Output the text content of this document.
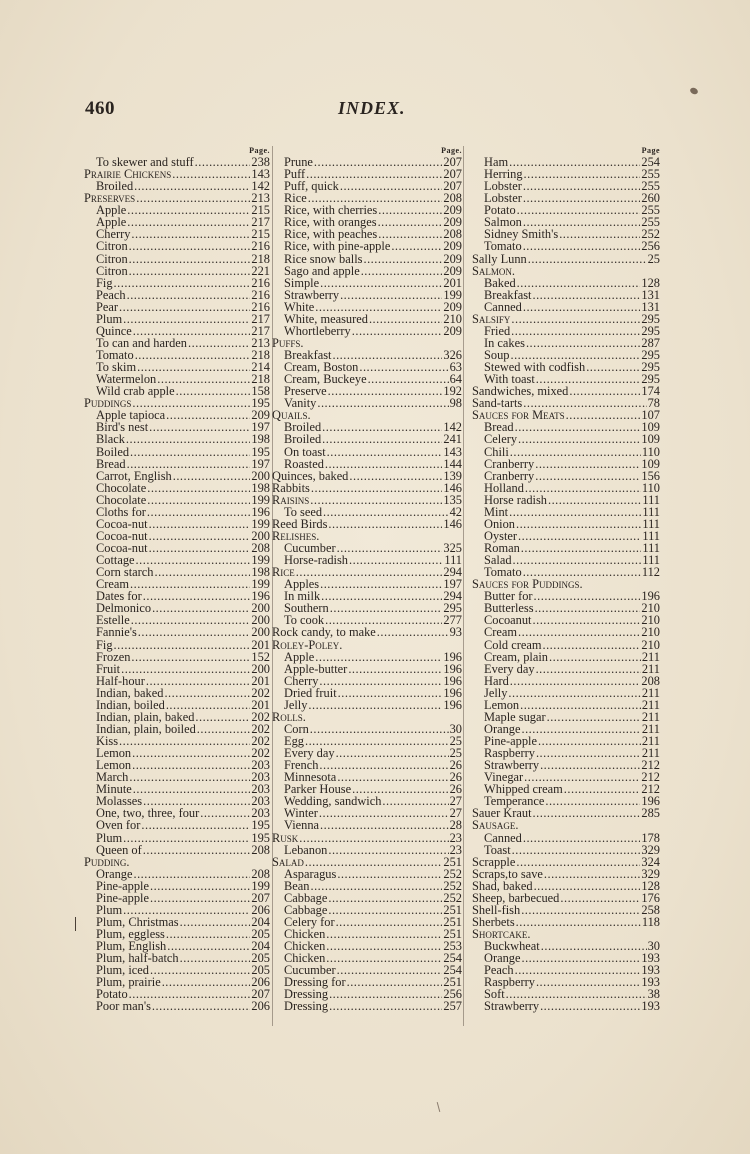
460	INDEX.
Page.
To skewer and stuff .....	238
Prairie Chickens .....	143
Broiled .....	142
Preserves .....	213
Apple .....	215
Apple .....	217
Cherry .....	215
Citron .....	216
Citron .....	218
Citron .....	221
Fig .....	216
Peach .....	216
Pear .....	216
Plum .....	217
Quince .....	217
To can and harden .....	213
Tomato .....	218
To skim .....	214
Watermelon .....	218
Wild crab apple .....	158
Puddings .....	195
Apple tapioca .....	209
Bird's nest .....	197
Black .....	198
Boiled .....	195
Bread .....	197
Carrot, English .....	200
Chocolate .....	198
Chocolate .....	199
Cloths for .....	196
Cocoa-nut .....	199
Cocoa-nut .....	200
Cocoa-nut .....	208
Cottage .....	199
Corn starch .....	198
Cream .....	199
Dates for .....	196
Delmonico .....	200
Estelle .....	200
Fannie's .....	200
Fig .....	201
Frozen .....	152
Fruit .....	200
Half-hour .....	201
Indian, baked .....	202
Indian, boiled .....	201
Indian, plain, baked .....	202
Indian, plain, boiled .....	202
Kiss .....	202
Lemon .....	202
Lemon .....	203
March .....	203
Minute .....	203
Molasses .....	203
One, two, three, four .....	203
Oven for .....	195
Plum .....	195
Queen of .....	208
Pudding.
Orange .....	208
Pine-apple .....	199
Pine-apple .....	207
Plum .....	206
Plum, Christmas .....	204
Plum, eggless .....	205
Plum, English .....	204
Plum, half-batch .....	205
Plum, iced .....	205
Plum, prairie .....	206
Potato .....	207
Poor man's .....	206
Page.
Prune .....	207
Puff .....	207
Puff, quick .....	207
Rice .....	208
Rice, with cherries .....	209
Rice, with oranges .....	209
Rice, with peaches .....	208
Rice, with pine-apple .....	209
Rice snow balls .....	209
Sago and apple .....	209
Simple .....	201
Strawberry .....	199
White .....	209
White, measured .....	210
Whortleberry .....	209
Puffs.
Breakfast .....	326
Cream, Boston .....	63
Cream, Buckeye .....	64
Preserve .....	192
Vanity .....	98
Quails.
Broiled .....	142
Broiled .....	241
On toast .....	143
Roasted .....	144
Quinces, baked .....	139
Rabbits .....	146
Raisins .....	135
To seed .....	42
Reed Birds .....	146
Relishes.
Cucumber .....	325
Horse-radish .....	111
Rice .....	294
Apples .....	197
In milk .....	294
Southern .....	295
To cook .....	277
Rock candy, to make .....	93
Roley-Poley.
Apple .....	196
Apple-butter .....	196
Cherry .....	196
Dried fruit .....	196
Jelly .....	196
Rolls.
Corn .....	30
Egg .....	25
Every day .....	25
French .....	26
Minnesota .....	26
Parker House .....	26
Wedding, sandwich .....	27
Winter .....	27
Vienna .....	28
Rusk .....	23
Lebanon .....	23
Salad .....	251
Asparagus .....	252
Bean .....	252
Cabbage .....	252
Cabbage .....	251
Celery for .....	251
Chicken .....	251
Chicken .....	253
Chicken .....	254
Cucumber .....	254
Dressing for .....	251
Dressing .....	256
Dressing .....	257
Page
Ham .....	254
Herring .....	255
Lobster .....	255
Lobster .....	260
Potato .....	255
Salmon .....	255
Sidney Smith's .....	252
Tomato .....	256
Sally Lunn .....	25
Salmon.
Baked .....	128
Breakfast .....	131
Canned .....	131
Salsify .....	295
Fried .....	295
In cakes .....	287
Soup .....	295
Stewed with codfish .....	295
With toast .....	295
Sandwiches, mixed .....	174
Sand-tarts .....	78
Sauces for Meats .....	107
Bread .....	109
Celery .....	109
Chili .....	110
Cranberry .....	109
Cranberry .....	156
Holland .....	110
Horse radish .....	111
Mint .....	111
Onion .....	111
Oyster .....	111
Roman .....	111
Salad .....	111
Tomato .....	112
Sauces for Puddings.
Butter for .....	196
Butterless .....	210
Cocoanut .....	210
Cream .....	210
Cold cream .....	210
Cream, plain .....	211
Every day .....	211
Hard .....	208
Jelly .....	211
Lemon .....	211
Maple sugar .....	211
Orange .....	211
Pine-apple .....	211
Raspberry .....	211
Strawberry .....	212
Vinegar .....	212
Whipped cream .....	212
Temperance .....	196
Sauer Kraut .....	285
Sausage.
Canned .....	178
Toast .....	329
Scrapple .....	324
Scraps,to save .....	329
Shad, baked .....	128
Sheep, barbecued .....	176
Shell-fish .....	258
Sherbets .....	118
Shortcake.
Buckwheat .....	30
Orange .....	193
Peach .....	193
Raspberry .....	193
Soft .....	38
Strawberry .....	193
